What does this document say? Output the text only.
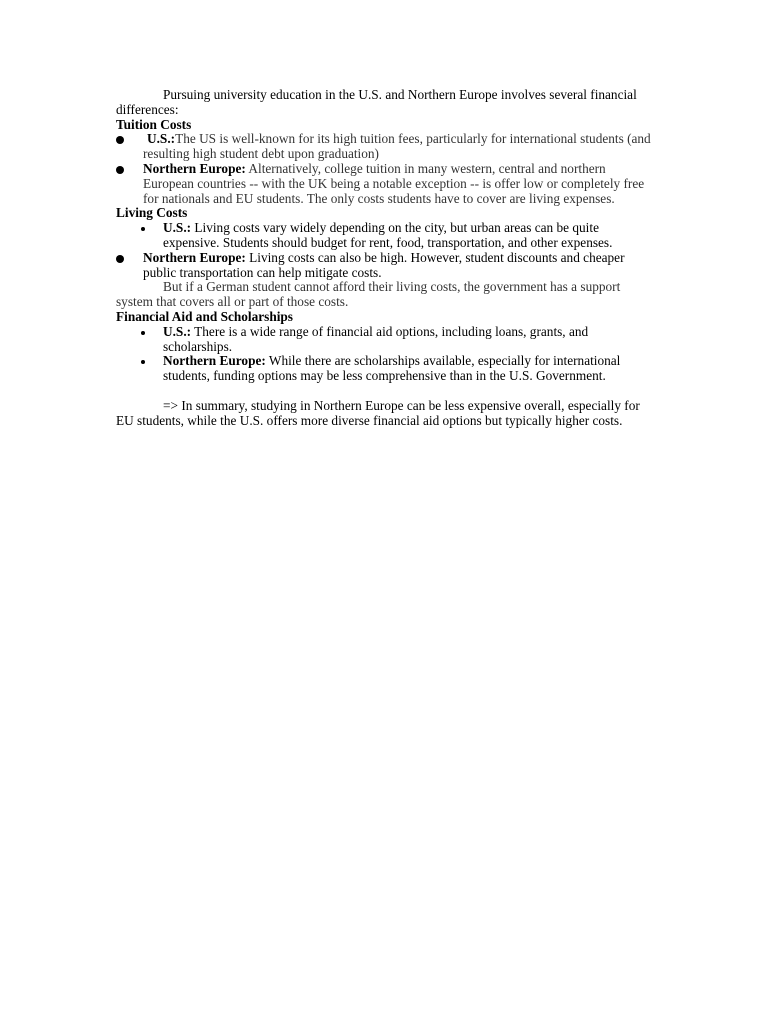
Pursuing university education in the U.S. and Northern Europe involves several financial differences:

Tuition Costs

U.S.:The US is well-known for its high tuition fees, particularly for international students (and resulting high student debt upon graduation)
Northern Europe: Alternatively, college tuition in many western, central and northern European countries -- with the UK being a notable exception -- is offer low or completely free for nationals and EU students. The only costs students have to cover are living expenses.

Living Costs

U.S.: Living costs vary widely depending on the city, but urban areas can be quite expensive. Students should budget for rent, food, transportation, and other expenses.
Northern Europe: Living costs can also be high. However, student discounts and cheaper public transportation can help mitigate costs.

But if a German student cannot afford their living costs, the government has a support system that covers all or part of those costs.

Financial Aid and Scholarships

U.S.: There is a wide range of financial aid options, including loans, grants, and scholarships.
Northern Europe: While there are scholarships available, especially for international students, funding options may be less comprehensive than in the U.S. Government.

=> In summary, studying in Northern Europe can be less expensive overall, especially for EU students, while the U.S. offers more diverse financial aid options but typically higher costs.
